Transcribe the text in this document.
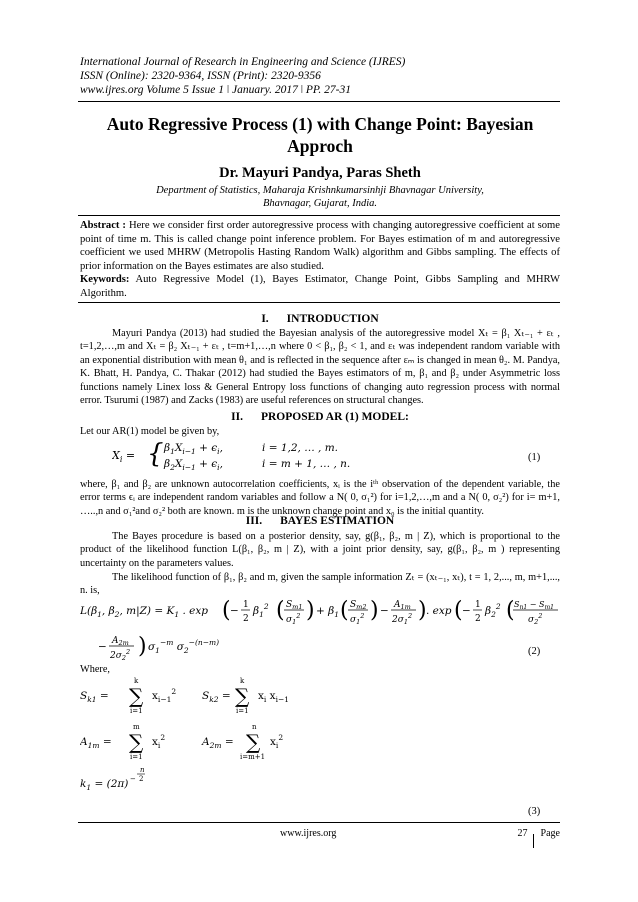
International Journal of Research in Engineering and Science (IJRES)
ISSN (Online): 2320-9364, ISSN (Print): 2320-9356
www.ijres.org Volume 5 Issue 1 ǀ January. 2017 ǀ PP. 27-31
Auto Regressive Process (1) with Change Point: Bayesian
Approch
Dr. Mayuri Pandya, Paras Sheth
Department of Statistics, Maharaja Krishnkumarsinhji Bhavnagar University,
Bhavnagar, Gujarat, India.
Abstract : Here we consider first order autoregressive process with changing autoregressive coefficient at some point of time m. This is called change point inference problem. For Bayes estimation of m and autoregressive coefficient we used MHRW (Metropolis Hasting Random Walk) algorithm and Gibbs sampling. The effects of prior information on the Bayes estimates are also studied.
Keywords: Auto Regressive Model (1), Bayes Estimator, Change Point, Gibbs Sampling and MHRW Algorithm.
I. INTRODUCTION
Mayuri Pandya (2013) had studied the Bayesian analysis of the autoregressive model Xₜ = β₁ Xₜ₋₁ + εₜ , t=1,2,…,m and Xₜ = β₂ Xₜ₋₁ + εₜ , t=m+1,…,n where 0 < β₁, β₂ < 1, and εₜ was independent random variable with an exponential distribution with mean θ₁ and is reflected in the sequence after εₘ is changed in mean θ₂. M. Pandya, K. Bhatt, H. Pandya, C. Thakar (2012) had studied the Bayes estimators of m, β₁ and β₂ under Asymmetric loss functions namely Linex loss & General Entropy loss functions of changing auto regression process with normal error. Tsurumi (1987) and Zacks (1983) are useful references on structural changes.
II. PROPOSED AR (1) MODEL:
Let our AR(1) model be given by,
$X_i$ = { $\beta_1X_{i-1} + \epsilon_i$,	i = 1,2, … , m.
$\beta_2X_{i-1} + \epsilon_i$,	i = m + 1, … , n.
(1)
where, β₁ and β₂ are unknown autocorrelation coefficients, xᵢ is the iᵗʰ observation of the dependent variable, the error terms ϵᵢ are independent random variables and follow a N( 0, σ₁²) for i=1,2,…,m and a N( 0, σ₂²) for i= m+1, …..,n and σ₁²and σ₂² both are known. m is the unknown change point and x₀ is the initial quantity.
III. BAYES ESTIMATION
The Bayes procedure is based on a posterior density, say, g(β₁, β₂, m | Z), which is proportional to the product of the likelihood function L(β₁, β₂, m | Z), with a joint prior density, say, g(β₁, β₂, m ) representing uncertainty on the parameters values.
The likelihood function of β₁, β₂ and m, given the sample information Zₜ = (xₜ₋₁, xₜ), t = 1, 2,..., m, m+1,..., n. is,
$L(\beta_1$, $\beta_2$, $m|Z) = K_1$ . exp ( − 1
2
$\beta_1^2$ ( $S_{m1}$
$\sigma_1^2$ ) + $\beta_1$ ( $S_{m2}$
$\sigma_1^2$ ) − $A_{1m}$
$2\sigma_1^2$ ) . exp ( − 1
2
$\beta_2^2$ ( $S_{n1} - S_{m1}$
$\sigma_2^2$
− $A_{2m}$
$2\sigma_2^2$ ) $\sigma_1^{-m}$ $\sigma_2^{-(n-m)}$
(2)
Where,
$S_{k1}$ =
k
∑
i=1
$x_{i-1}^2$ $S_{k2}$ =
k
∑
i=1
$x_i$ $x_{i-1}$
$A_{1m}$ =
m
∑
i=1
$x_i^2$	$A_{2m}$ =
n
∑
i=m+1
$x_i^2$
$k_1 = (2\pi)$
n
− 2
(3)
www.ijres.org	27 Page
